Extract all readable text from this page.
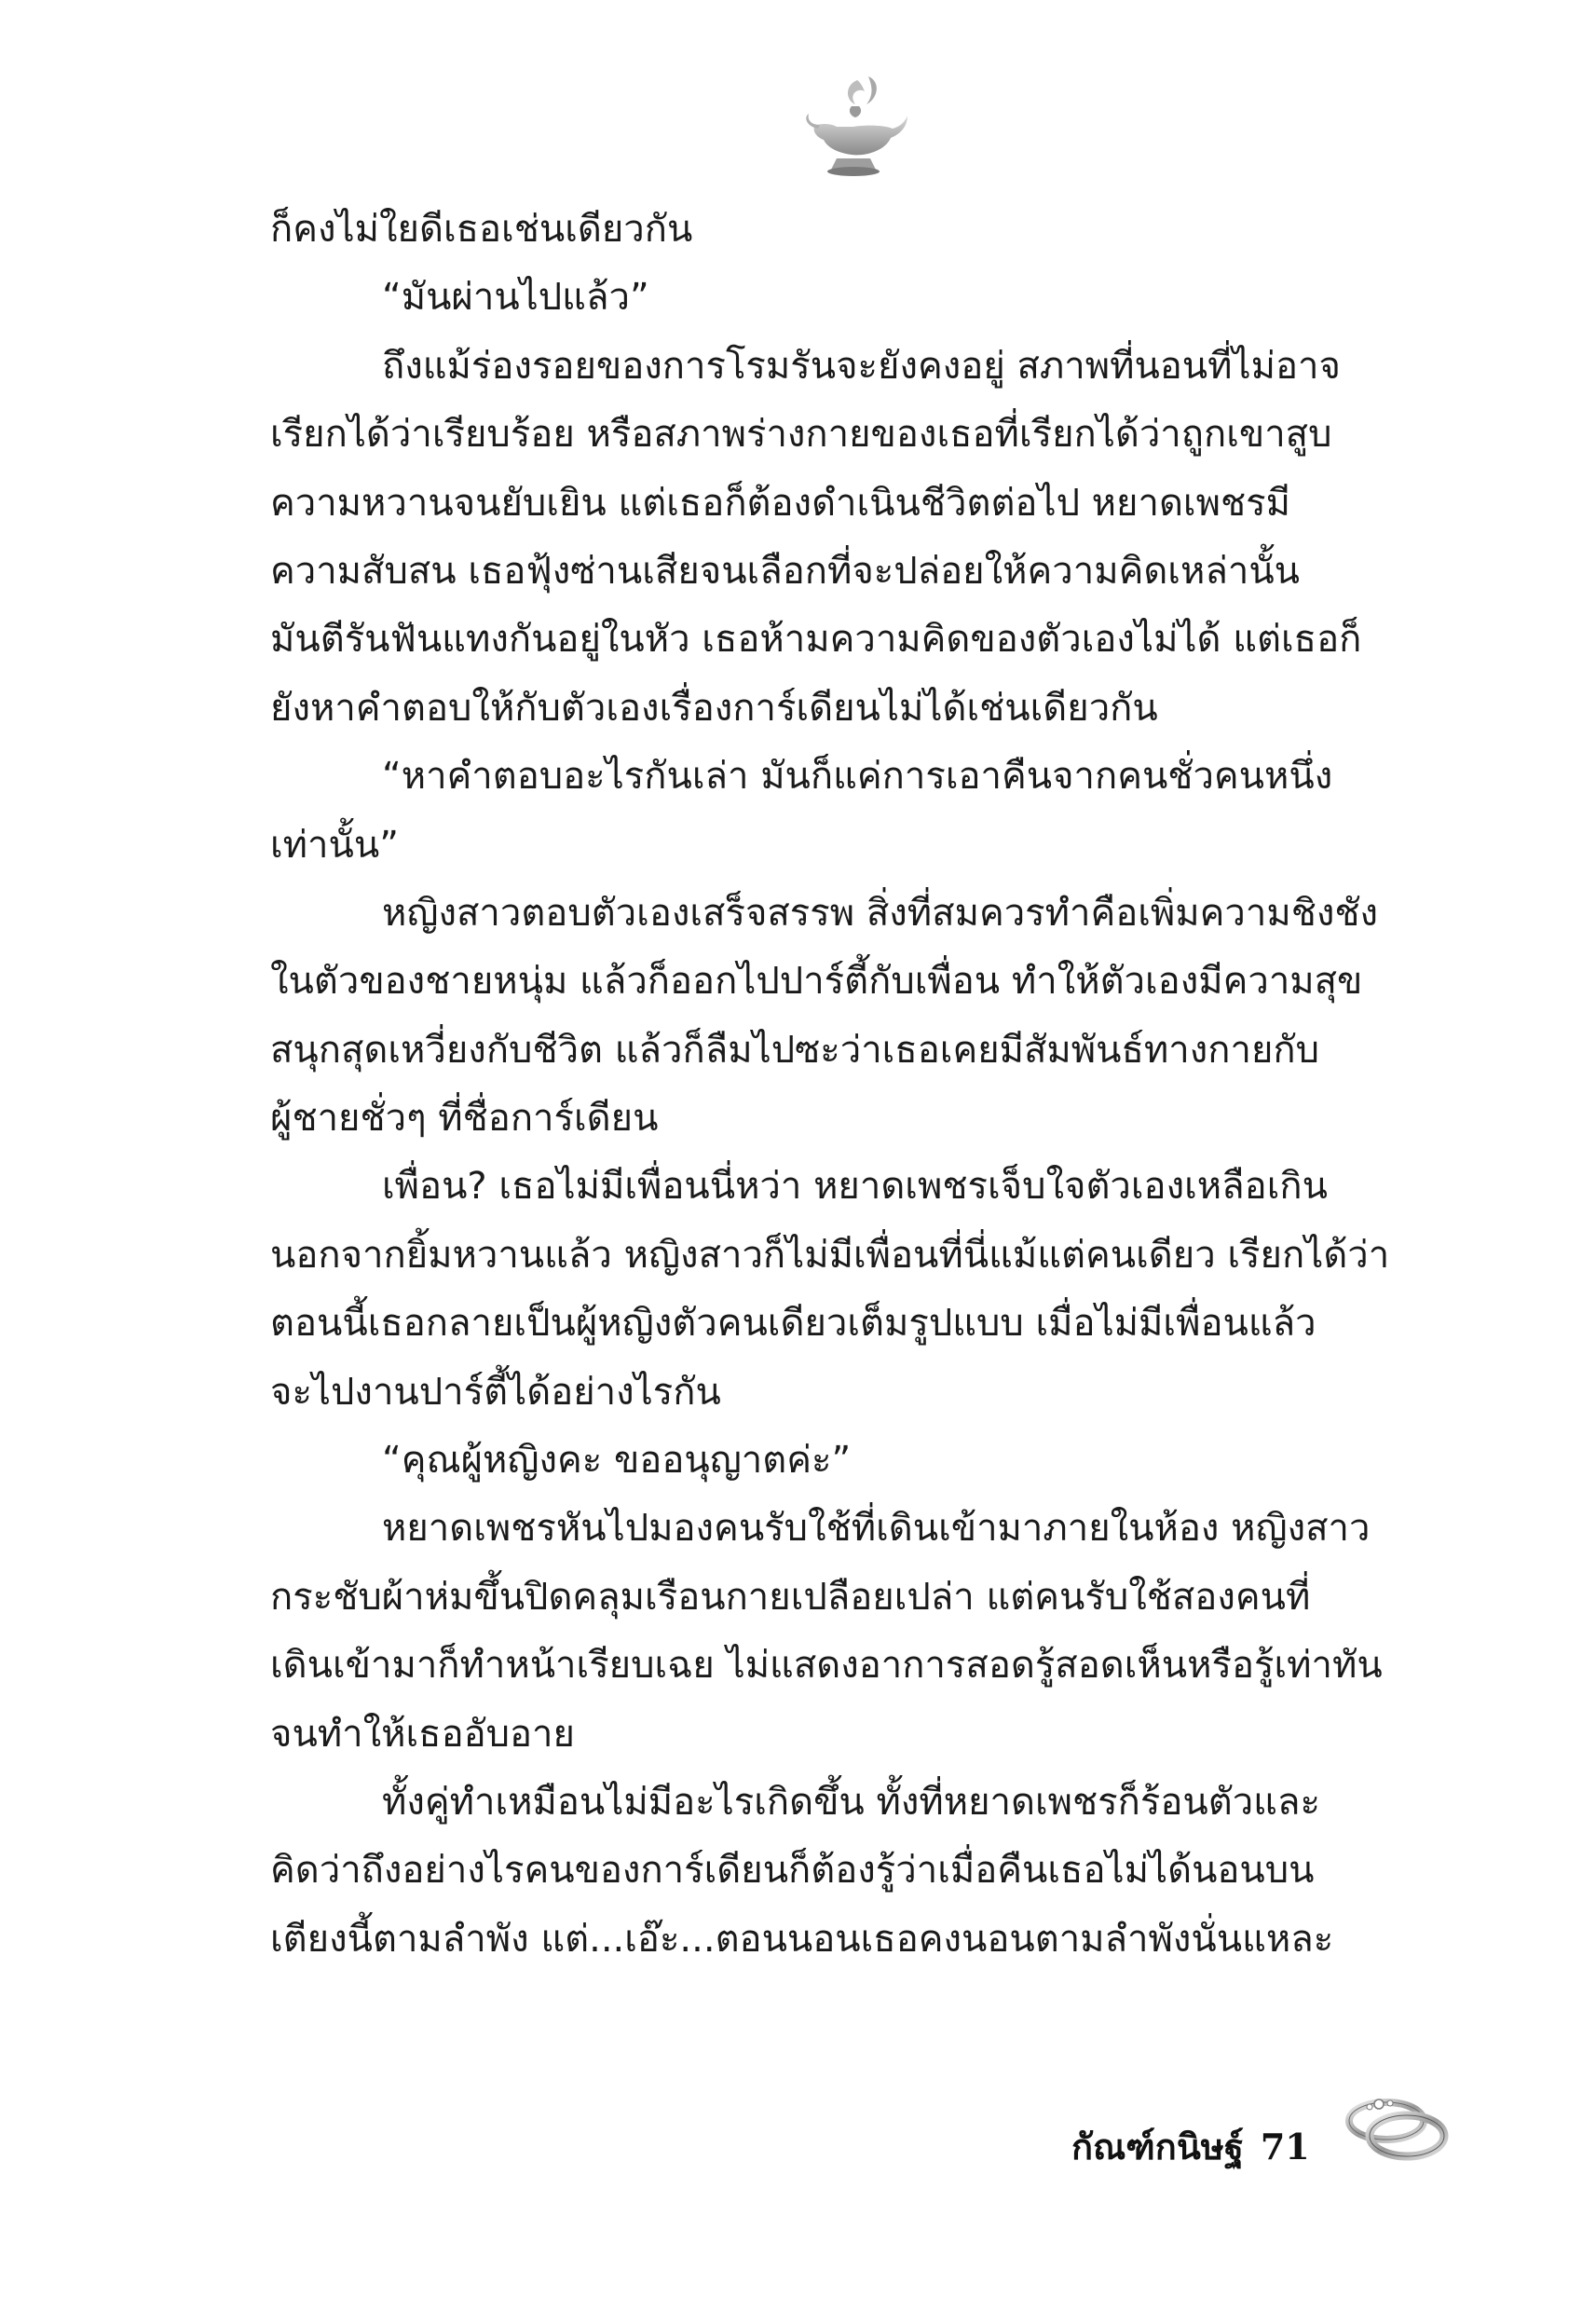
ก็คงไม่ใยดีเธอเช่นเดียวกัน
“มันผ่านไปแล้ว”
ถึงแม้ร่องรอยของการโรมรันจะยังคงอยู่ สภาพที่นอนที่ไม่อาจ
เรียกได้ว่าเรียบร้อย หรือสภาพร่างกายของเธอที่เรียกได้ว่าถูกเขาสูบ
ความหวานจนยับเยิน แต่เธอก็ต้องดำเนินชีวิตต่อไป หยาดเพชรมี
ความสับสน เธอฟุ้งซ่านเสียจนเลือกที่จะปล่อยให้ความคิดเหล่านั้น
มันตีรันฟันแทงกันอยู่ในหัว เธอห้ามความคิดของตัวเองไม่ได้ แต่เธอก็
ยังหาคำตอบให้กับตัวเองเรื่องการ์เดียนไม่ได้เช่นเดียวกัน
“หาคำตอบอะไรกันเล่า มันก็แค่การเอาคืนจากคนชั่วคนหนึ่ง
เท่านั้น”
หญิงสาวตอบตัวเองเสร็จสรรพ สิ่งที่สมควรทำคือเพิ่มความชิงชัง
ในตัวของชายหนุ่ม แล้วก็ออกไปปาร์ตี้กับเพื่อน ทำให้ตัวเองมีความสุข
สนุกสุดเหวี่ยงกับชีวิต แล้วก็ลืมไปซะว่าเธอเคยมีสัมพันธ์ทางกายกับ
ผู้ชายชั่วๆ ที่ชื่อการ์เดียน
เพื่อน? เธอไม่มีเพื่อนนี่หว่า หยาดเพชรเจ็บใจตัวเองเหลือเกิน
นอกจากยิ้มหวานแล้ว หญิงสาวก็ไม่มีเพื่อนที่นี่แม้แต่คนเดียว เรียกได้ว่า
ตอนนี้เธอกลายเป็นผู้หญิงตัวคนเดียวเต็มรูปแบบ เมื่อไม่มีเพื่อนแล้ว
จะไปงานปาร์ตี้ได้อย่างไรกัน
“คุณผู้หญิงคะ ขออนุญาตค่ะ”
หยาดเพชรหันไปมองคนรับใช้ที่เดินเข้ามาภายในห้อง หญิงสาว
กระชับผ้าห่มขึ้นปิดคลุมเรือนกายเปลือยเปล่า แต่คนรับใช้สองคนที่
เดินเข้ามาก็ทำหน้าเรียบเฉย ไม่แสดงอาการสอดรู้สอดเห็นหรือรู้เท่าทัน
จนทำให้เธออับอาย
ทั้งคู่ทำเหมือนไม่มีอะไรเกิดขึ้น ทั้งที่หยาดเพชรก็ร้อนตัวและ
คิดว่าถึงอย่างไรคนของการ์เดียนก็ต้องรู้ว่าเมื่อคืนเธอไม่ได้นอนบน
เตียงนี้ตามลำพัง แต่...เอ๊ะ...ตอนนอนเธอคงนอนตามลำพังนั่นแหละ
กัณฑ์กนิษฐ์ 71
